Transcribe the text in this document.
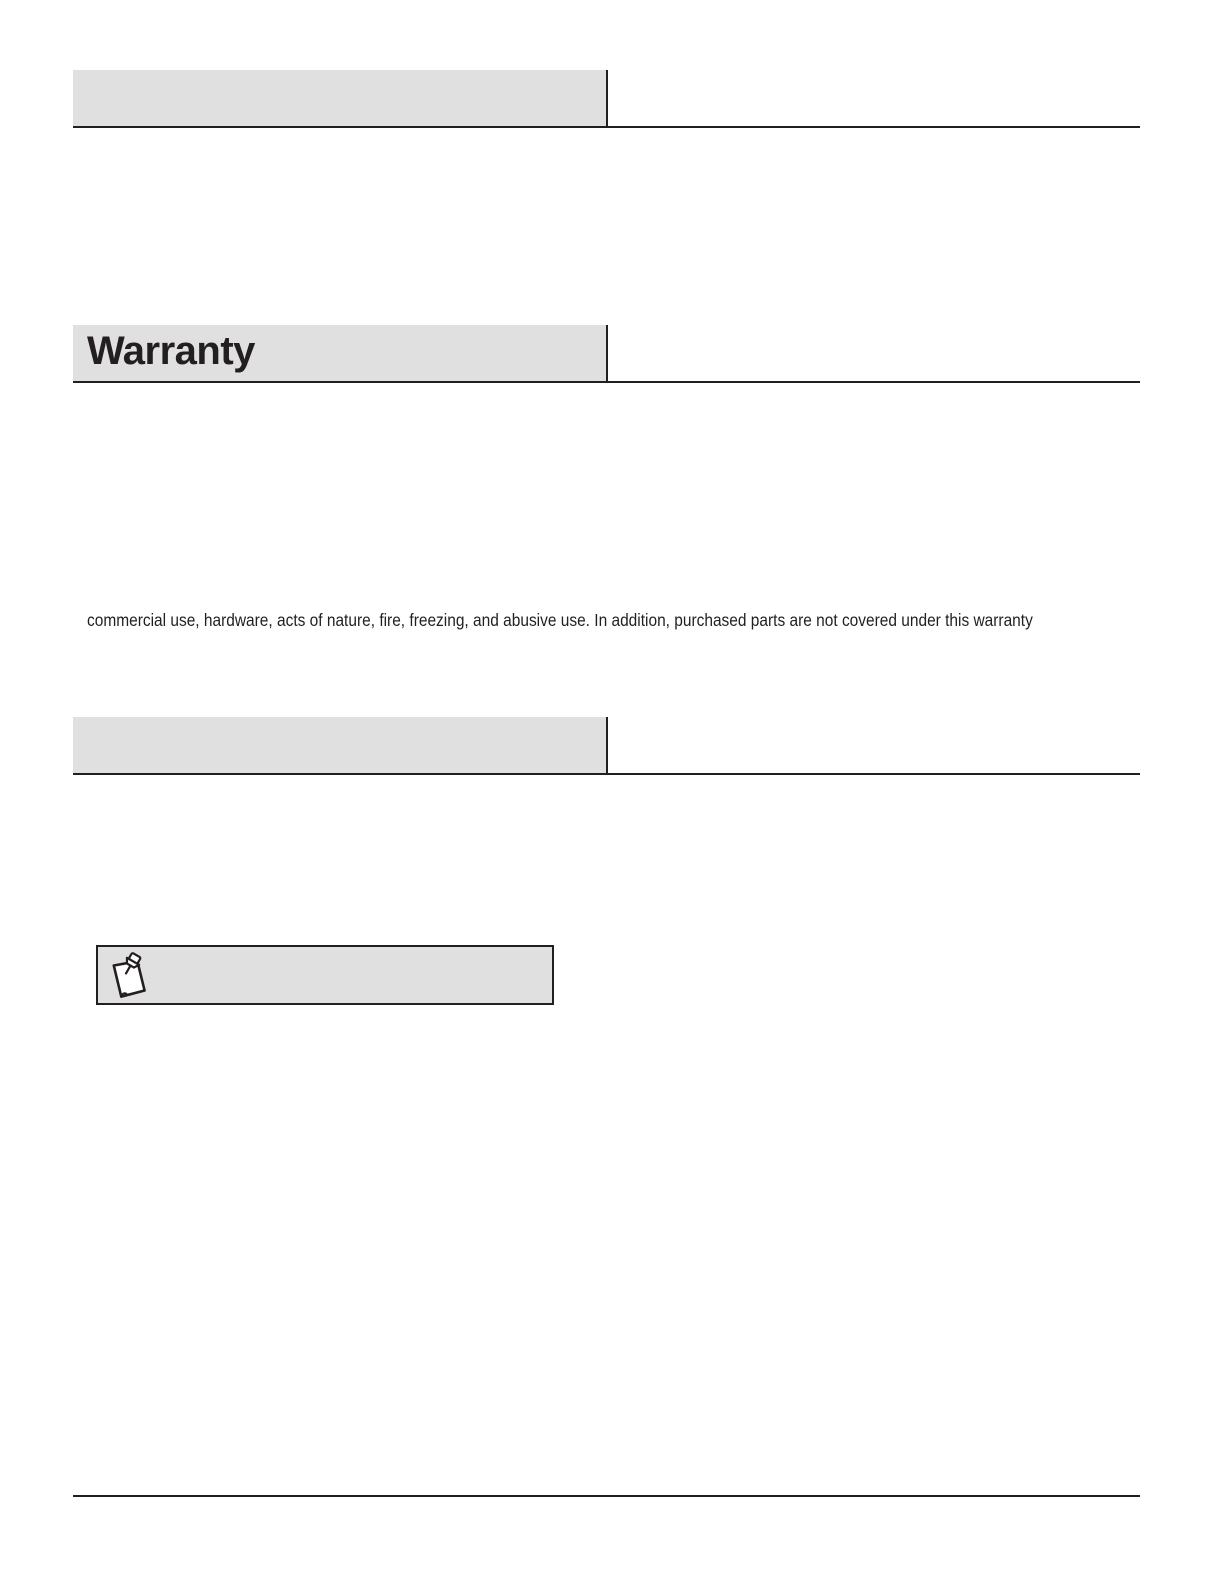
Warranty
commercial use, hardware, acts of nature, fire, freezing, and abusive use. In addition, purchased parts are not covered under this warranty
